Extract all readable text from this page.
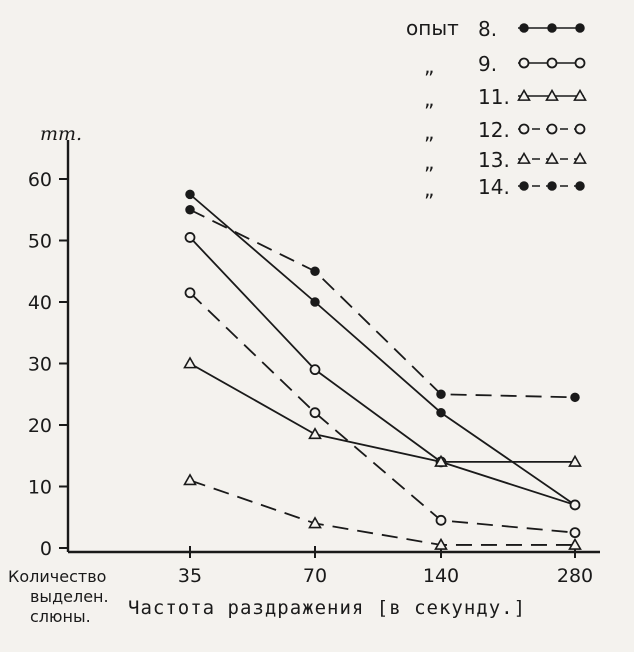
mm.
60
50
40
30
20
10
0
35	70	140	280
опыт 8.
„ 9.
„ 11.
„ 12.
„ 13.
„ 14.
Количество
выделен.
слюны. Частота раздражения [в секунду.]
